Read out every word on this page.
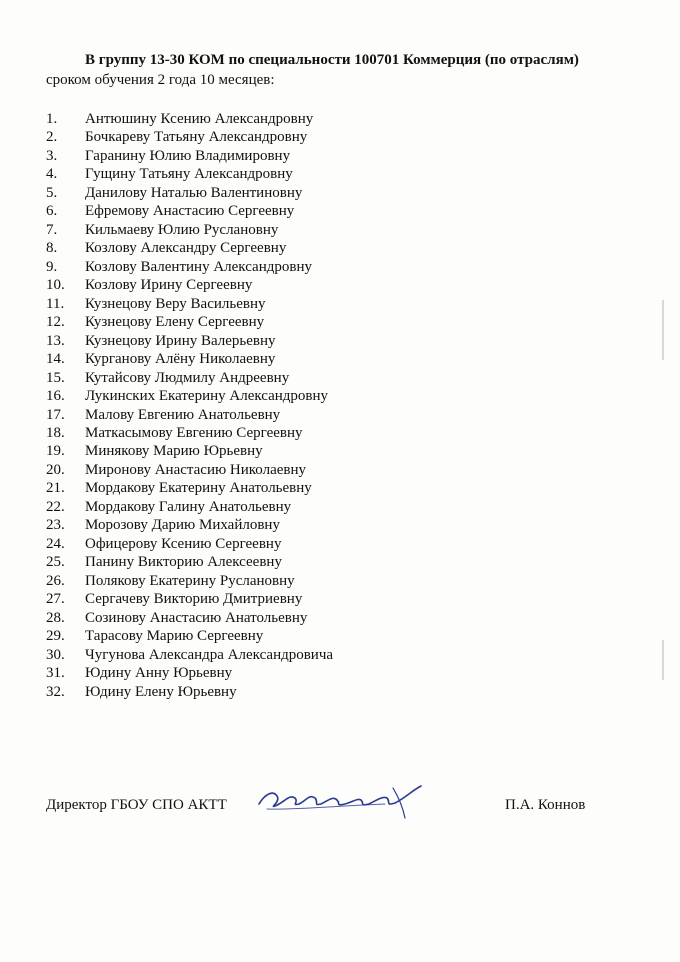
В группу 13-30 КОМ по специальности 100701 Коммерция (по отраслям)
сроком обучения 2 года 10 месяцев:
1. Антюшину Ксению Александровну
2. Бочкареву Татьяну Александровну
3. Гаранину Юлию Владимировну
4. Гущину Татьяну Александровну
5. Данилову Наталью Валентиновну
6. Ефремову Анастасию Сергеевну
7. Кильмаеву Юлию Руслановну
8. Козлову Александру Сергеевну
9. Козлову Валентину Александровну
10. Козлову Ирину Сергеевну
11. Кузнецову Веру Васильевну
12. Кузнецову Елену Сергеевну
13. Кузнецову Ирину Валерьевну
14. Курганову Алёну Николаевну
15. Кутайсову Людмилу Андреевну
16. Лукинских Екатерину Александровну
17. Малову Евгению Анатольевну
18. Маткасымову Евгению Сергеевну
19. Минякову Марию Юрьевну
20. Миронову Анастасию Николаевну
21. Мордакову Екатерину Анатольевну
22. Мордакову Галину Анатольевну
23. Морозову Дарию Михайловну
24. Офицерову Ксению Сергеевну
25. Панину Викторию Алексеевну
26. Полякову Екатерину Руслановну
27. Сергачеву Викторию Дмитриевну
28. Созинову Анастасию Анатольевну
29. Тарасову Марию Сергеевну
30. Чугунова Александра Александровича
31. Юдину Анну Юрьевну
32. Юдину Елену Юрьевну
Директор ГБОУ СПО АКТТ	П.А. Коннов
